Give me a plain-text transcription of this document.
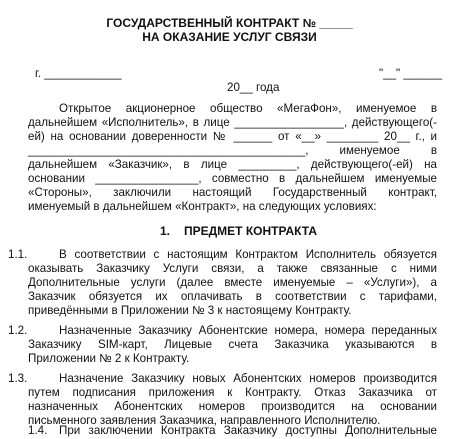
ГОСУДАРСТВЕННЫЙ КОНТРАКТ № _____
НА ОКАЗАНИЕ УСЛУГ СВЯЗИ
г. ____________	"__" ______
20__ года
Открытое акционерное общество «МегаФон», именуемое в
дальнейшем «Исполнитель», в лице _________________, действующего(-
ей) на основании доверенности № ______ от «__» ________ 20__ г., и
___________________________________________, именуемое в
дальнейшем «Заказчик», в лице _________, действующего(-ей) на
основании ________________, совместно в дальнейшем именуемые
«Стороны», заключили настоящий Государственный контракт,
именуемый в дальнейшем «Контракт», на следующих условиях:
1. ПРЕДМЕТ КОНТРАКТА
1.1.	В соответствии с настоящим Контрактом Исполнитель обязуется
оказывать Заказчику Услуги связи, а также связанные с ними
Дополнительные услуги (далее вместе именуемые – «Услуги»), а
Заказчик обязуется их оплачивать в соответствии с тарифами,
приведёнными в Приложении № 3 к настоящему Контракту.
1.2.	Назначенные Заказчику Абонентские номера, номера переданных
Заказчику SIM-карт, Лицевые счета Заказчика указываются в
Приложении № 2 к Контракту.
1.3.	Назначение Заказчику новых Абонентских номеров производится
путем подписания приложения к Контракту. Отказ Заказчика от
назначенных Абонентских номеров производится на основании
письменного заявления Заказчика, направленного Исполнителю.
1.4. При заключении Контракта Заказчику доступны Дополнительные
